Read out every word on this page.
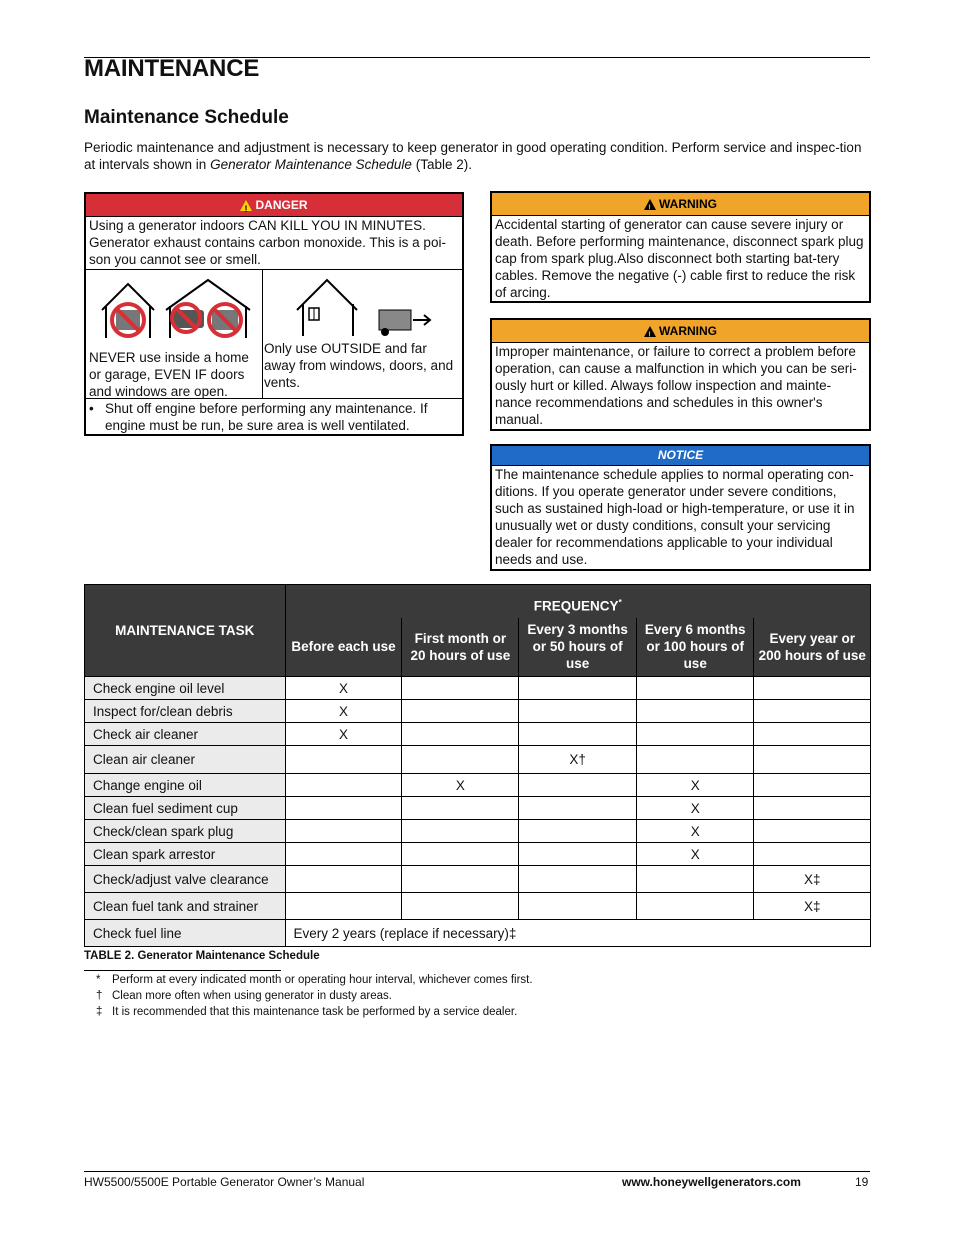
MAINTENANCE
Maintenance Schedule
Periodic maintenance and adjustment is necessary to keep generator in good operating condition. Perform service and inspec-tion at intervals shown in Generator Maintenance Schedule (Table 2).
! DANGER
Using a generator indoors CAN KILL YOU IN MINUTES. Generator exhaust contains carbon monoxide. This is a poi-son you cannot see or smell.
NEVER use inside a home or garage, EVEN IF doors and windows are open.
Only use OUTSIDE and far away from windows, doors, and vents.
• Shut off engine before performing any maintenance. If engine must be run, be sure area is well ventilated.
! WARNING
Accidental starting of generator can cause severe injury or death. Before performing maintenance, disconnect spark plug cap from spark plug.Also disconnect both starting bat-tery cables. Remove the negative (-) cable first to reduce the risk of arcing.
! WARNING
Improper maintenance, or failure to correct a problem before operation, can cause a malfunction in which you can be seri-ously hurt or killed. Always follow inspection and mainte-nance recommendations and schedules in this owner's manual.
NOTICE
The maintenance schedule applies to normal operating con-ditions. If you operate generator under severe conditions, such as sustained high-load or high-temperature, or use it in unusually wet or dusty conditions, consult your servicing dealer for recommendations applicable to your individual needs and use.
MAINTENANCE TASK	FREQUENCY*
	Before each use	First month or 20 hours of use	Every 3 months or 50 hours of use	Every 6 months or 100 hours of use	Every year or 200 hours of use
Check engine oil level	X				
Inspect for/clean debris	X				
Check air cleaner	X				
Clean air cleaner			X†		
Change engine oil		X		X	
Clean fuel sediment cup				X	
Check/clean spark plug				X	
Clean spark arrestor				X	
Check/adjust valve clearance					X‡
Clean fuel tank and strainer					X‡
Check fuel line	Every 2 years (replace if necessary)‡				
TABLE 2. Generator Maintenance Schedule
* Perform at every indicated month or operating hour interval, whichever comes first.
† Clean more often when using generator in dusty areas.
‡ It is recommended that this maintenance task be performed by a service dealer.
HW5500/5500E Portable Generator Owner’s Manual	www.honeywellgenerators.com	19
